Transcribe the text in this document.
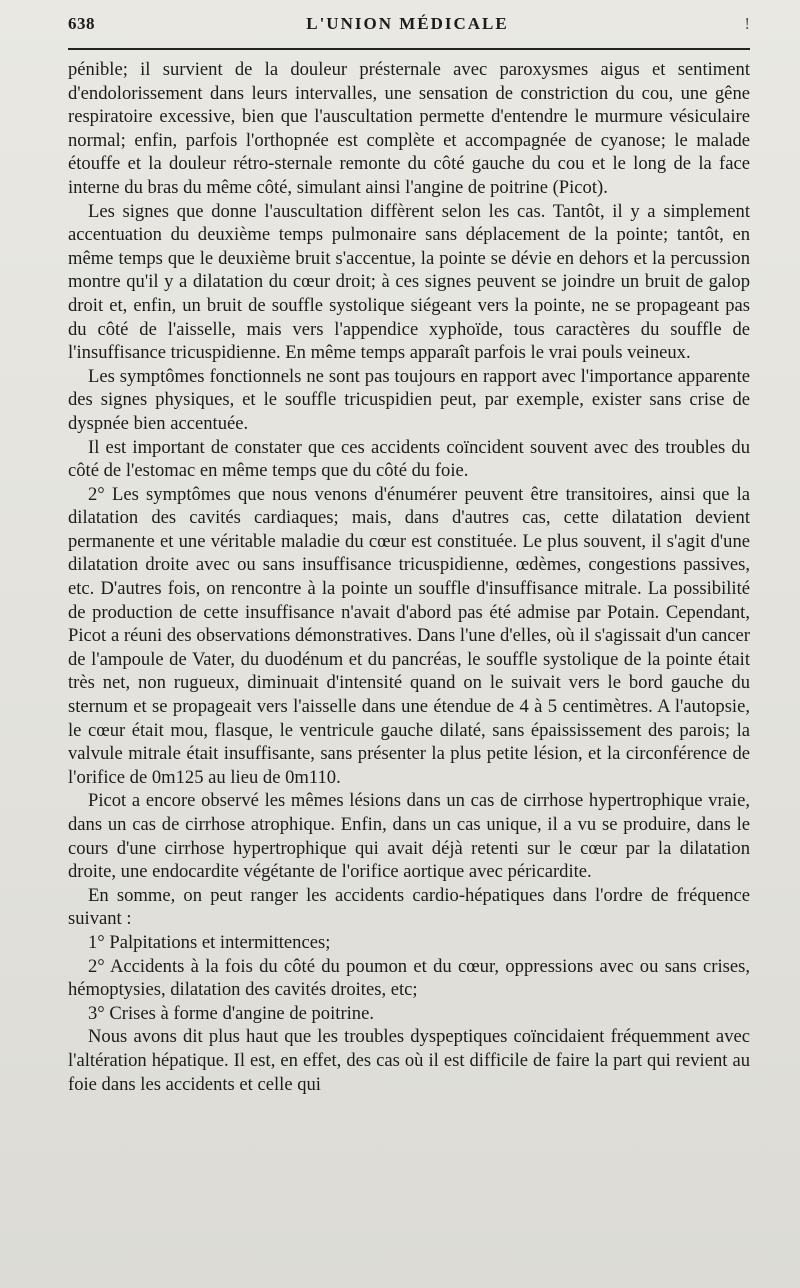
638	L'UNION MÉDICALE	!

pénible; il survient de la douleur présternale avec paroxysmes aigus et sentiment d'endolorissement dans leurs intervalles, une sensation de constriction du cou, une gêne respiratoire excessive, bien que l'auscultation permette d'entendre le murmure vésiculaire normal; enfin, parfois l'orthopnée est complète et accompagnée de cyanose; le malade étouffe et la douleur rétro-sternale remonte du côté gauche du cou et le long de la face interne du bras du même côté, simulant ainsi l'angine de poitrine (Picot).

Les signes que donne l'auscultation diffèrent selon les cas. Tantôt, il y a simplement accentuation du deuxième temps pulmonaire sans déplacement de la pointe; tantôt, en même temps que le deuxième bruit s'accentue, la pointe se dévie en dehors et la percussion montre qu'il y a dilatation du cœur droit; à ces signes peuvent se joindre un bruit de galop droit et, enfin, un bruit de souffle systolique siégeant vers la pointe, ne se propageant pas du côté de l'aisselle, mais vers l'appendice xyphoïde, tous caractères du souffle de l'insuffisance tricuspidienne. En même temps apparaît parfois le vrai pouls veineux.

Les symptômes fonctionnels ne sont pas toujours en rapport avec l'importance apparente des signes physiques, et le souffle tricuspidien peut, par exemple, exister sans crise de dyspnée bien accentuée.

Il est important de constater que ces accidents coïncident souvent avec des troubles du côté de l'estomac en même temps que du côté du foie.

2° Les symptômes que nous venons d'énumérer peuvent être transitoires, ainsi que la dilatation des cavités cardiaques; mais, dans d'autres cas, cette dilatation devient permanente et une véritable maladie du cœur est constituée. Le plus souvent, il s'agit d'une dilatation droite avec ou sans insuffisance tricuspidienne, œdèmes, congestions passives, etc. D'autres fois, on rencontre à la pointe un souffle d'insuffisance mitrale. La possibilité de production de cette insuffisance n'avait d'abord pas été admise par Potain. Cependant, Picot a réuni des observations démonstratives. Dans l'une d'elles, où il s'agissait d'un cancer de l'ampoule de Vater, du duodénum et du pancréas, le souffle systolique de la pointe était très net, non rugueux, diminuait d'intensité quand on le suivait vers le bord gauche du sternum et se propageait vers l'aisselle dans une étendue de 4 à 5 centimètres. A l'autopsie, le cœur était mou, flasque, le ventricule gauche dilaté, sans épaississement des parois; la valvule mitrale était insuffisante, sans présenter la plus petite lésion, et la circonférence de l'orifice de 0m125 au lieu de 0m110.

Picot a encore observé les mêmes lésions dans un cas de cirrhose hypertrophique vraie, dans un cas de cirrhose atrophique. Enfin, dans un cas unique, il a vu se produire, dans le cours d'une cirrhose hypertrophique qui avait déjà retenti sur le cœur par la dilatation droite, une endocardite végétante de l'orifice aortique avec péricardite.

En somme, on peut ranger les accidents cardio-hépatiques dans l'ordre de fréquence suivant :

1° Palpitations et intermittences;

2° Accidents à la fois du côté du poumon et du cœur, oppressions avec ou sans crises, hémoptysies, dilatation des cavités droites, etc;

3° Crises à forme d'angine de poitrine.

Nous avons dit plus haut que les troubles dyspeptiques coïncidaient fréquemment avec l'altération hépatique. Il est, en effet, des cas où il est difficile de faire la part qui revient au foie dans les accidents et celle qui
